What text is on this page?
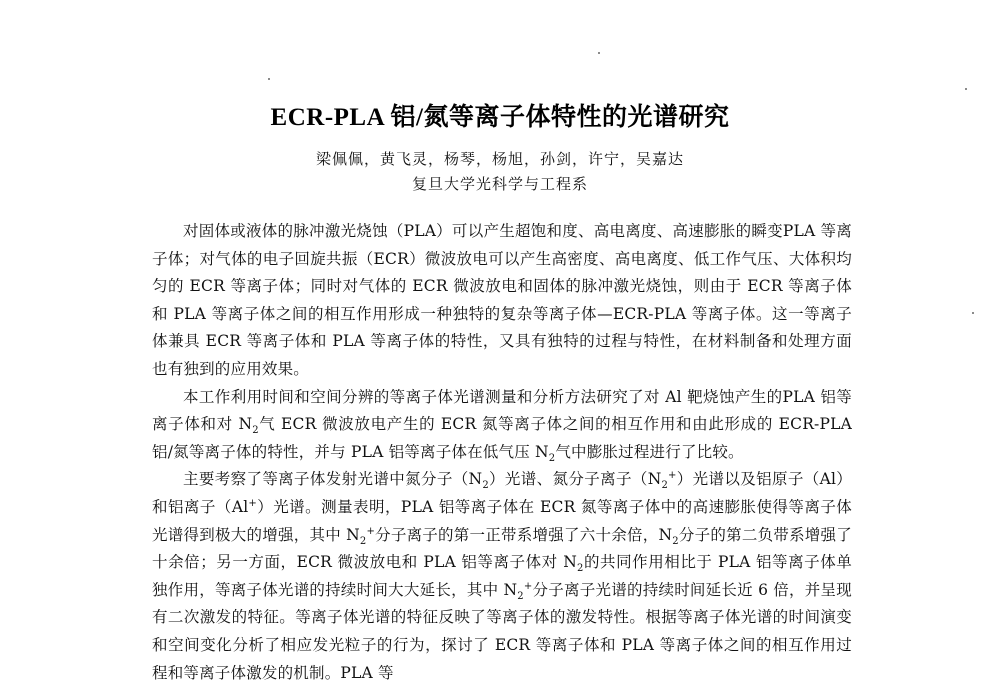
ECR-PLA 铝/氮等离子体特性的光谱研究
梁佩佩，黄飞灵，杨琴，杨旭，孙剑，许宁，吴嘉达
复旦大学光科学与工程系

对固体或液体的脉冲激光烧蚀（PLA）可以产生超饱和度、高电离度、高速膨胀的瞬变PLA 等离子体；对气体的电子回旋共振（ECR）微波放电可以产生高密度、高电离度、低工作气压、大体积均匀的 ECR 等离子体；同时对气体的 ECR 微波放电和固体的脉冲激光烧蚀，则由于 ECR 等离子体和 PLA 等离子体之间的相互作用形成一种独特的复杂等离子体—ECR-PLA 等离子体。这一等离子体兼具 ECR 等离子体和 PLA 等离子体的特性，又具有独特的过程与特性，在材料制备和处理方面也有独到的应用效果。

本工作利用时间和空间分辨的等离子体光谱测量和分析方法研究了对 Al 靶烧蚀产生的PLA 铝等离子体和对 $N_2$气 ECR 微波放电产生的 ECR 氮等离子体之间的相互作用和由此形成的 ECR-PLA 铝/氮等离子体的特性，并与 PLA 铝等离子体在低气压 $N_2$气中膨胀过程进行了比较。

主要考察了等离子体发射光谱中氮分子$(N_2)$光谱、氮分子离子$(N_2^+)$光谱以及铝原子（Al）和铝离子（Al+）光谱。测量表明，PLA 铝等离子体在 ECR 氮等离子体中的高速膨胀使得等离子体光谱得到极大的增强，其中 $N_2^+$分子离子的第一正带系增强了六十余倍，$N_2$分子的第二负带系增强了十余倍；另一方面，ECR 微波放电和 PLA 铝等离子体对 $N_2$的共同作用相比于 PLA 铝等离子体单独作用，等离子体光谱的持续时间大大延长，其中 $N_2^+$分子离子光谱的持续时间延长近 6 倍，并呈现有二次激发的特征。等离子体光谱的特征反映了等离子体的激发特性。根据等离子体光谱的时间演变和空间变化分析了相应发光粒子的行为，探讨了 ECR 等离子体和 PLA 等离子体之间的相互作用过程和等离子体激发的机制。PLA 等
